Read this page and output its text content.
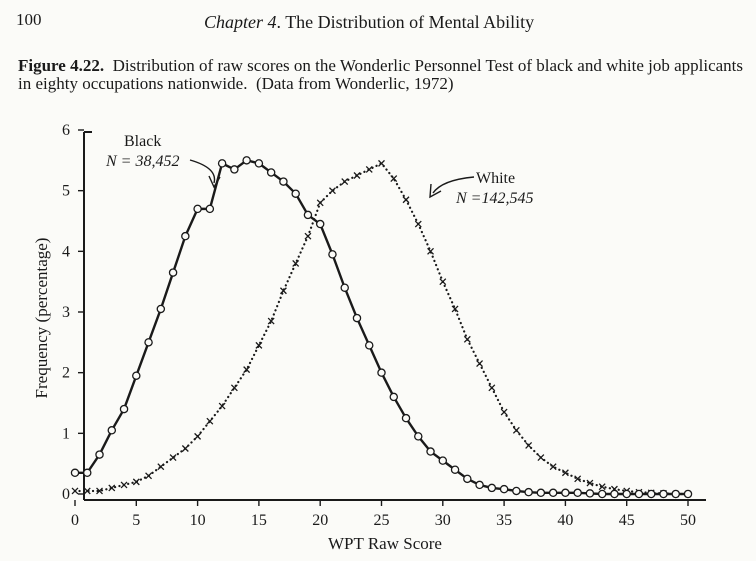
100	Chapter 4. The Distribution of Mental Ability
Figure 4.22. Distribution of raw scores on the Wonderlic Personnel Test of black and white job applicants in eighty occupations nationwide. (Data from Wonderlic, 1972)
0	5	10	15	20	25	30	35	40	45	50
0
1
2
3
4
5
6
WPT Raw Score
Frequency (percentage)
Black
N = 38,452
White
N =142,545
